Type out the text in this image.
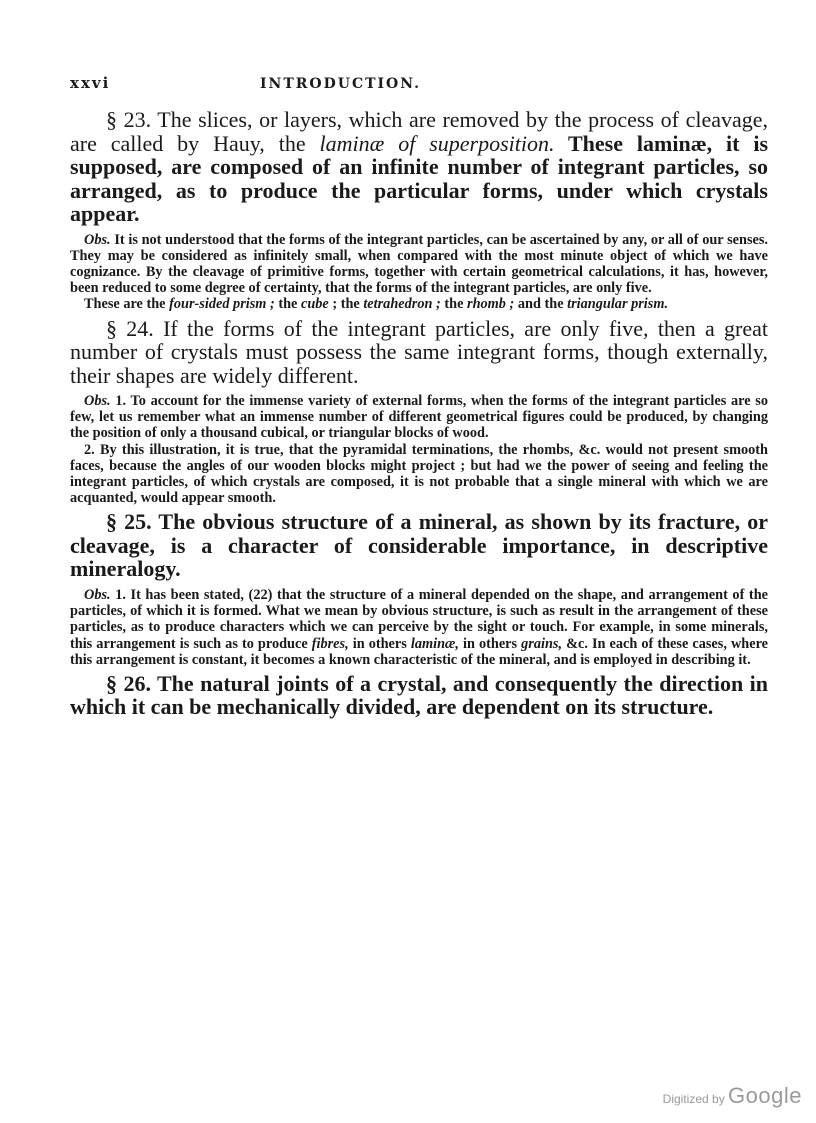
xxvi	INTRODUCTION.

§ 23. The slices, or layers, which are removed by the process of cleavage, are called by Hauy, the laminæ of superposition. These laminæ, it is supposed, are composed of an infinite number of integrant particles, so arranged, as to produce the particular forms, under which crystals appear.

Obs. It is not understood that the forms of the integrant particles, can be ascertained by any, or all of our senses. They may be considered as infinitely small, when compared with the most minute object of which we have cognizance. By the cleavage of primitive forms, together with certain geometrical calculations, it has, however, been reduced to some degree of certainty, that the forms of the integrant particles, are only five.

These are the four-sided prism ; the cube ; the tetrahedron ; the rhomb ; and the triangular prism.

§ 24. If the forms of the integrant particles, are only five, then a great number of crystals must possess the same integrant forms, though externally, their shapes are widely different.

Obs. 1. To account for the immense variety of external forms, when the forms of the integrant particles are so few, let us remember what an immense number of different geometrical figures could be produced, by changing the position of only a thousand cubical, or triangular blocks of wood.

2. By this illustration, it is true, that the pyramidal terminations, the rhombs, &c. would not present smooth faces, because the angles of our wooden blocks might project ; but had we the power of seeing and feeling the integrant particles, of which crystals are composed, it is not probable that a single mineral with which we are acquanted, would appear smooth.

§ 25. The obvious structure of a mineral, as shown by its fracture, or cleavage, is a character of considerable importance, in descriptive mineralogy.

Obs. 1. It has been stated, (22) that the structure of a mineral depended on the shape, and arrangement of the particles, of which it is formed. What we mean by obvious structure, is such as result in the arrangement of these particles, as to produce characters which we can perceive by the sight or touch. For example, in some minerals, this arrangement is such as to produce fibres, in others laminæ, in others grains, &c. In each of these cases, where this arrangement is constant, it becomes a known characteristic of the mineral, and is employed in describing it.

§ 26. The natural joints of a crystal, and consequently the direction in which it can be mechanically divided, are dependent on its structure.

Digitized by Google
